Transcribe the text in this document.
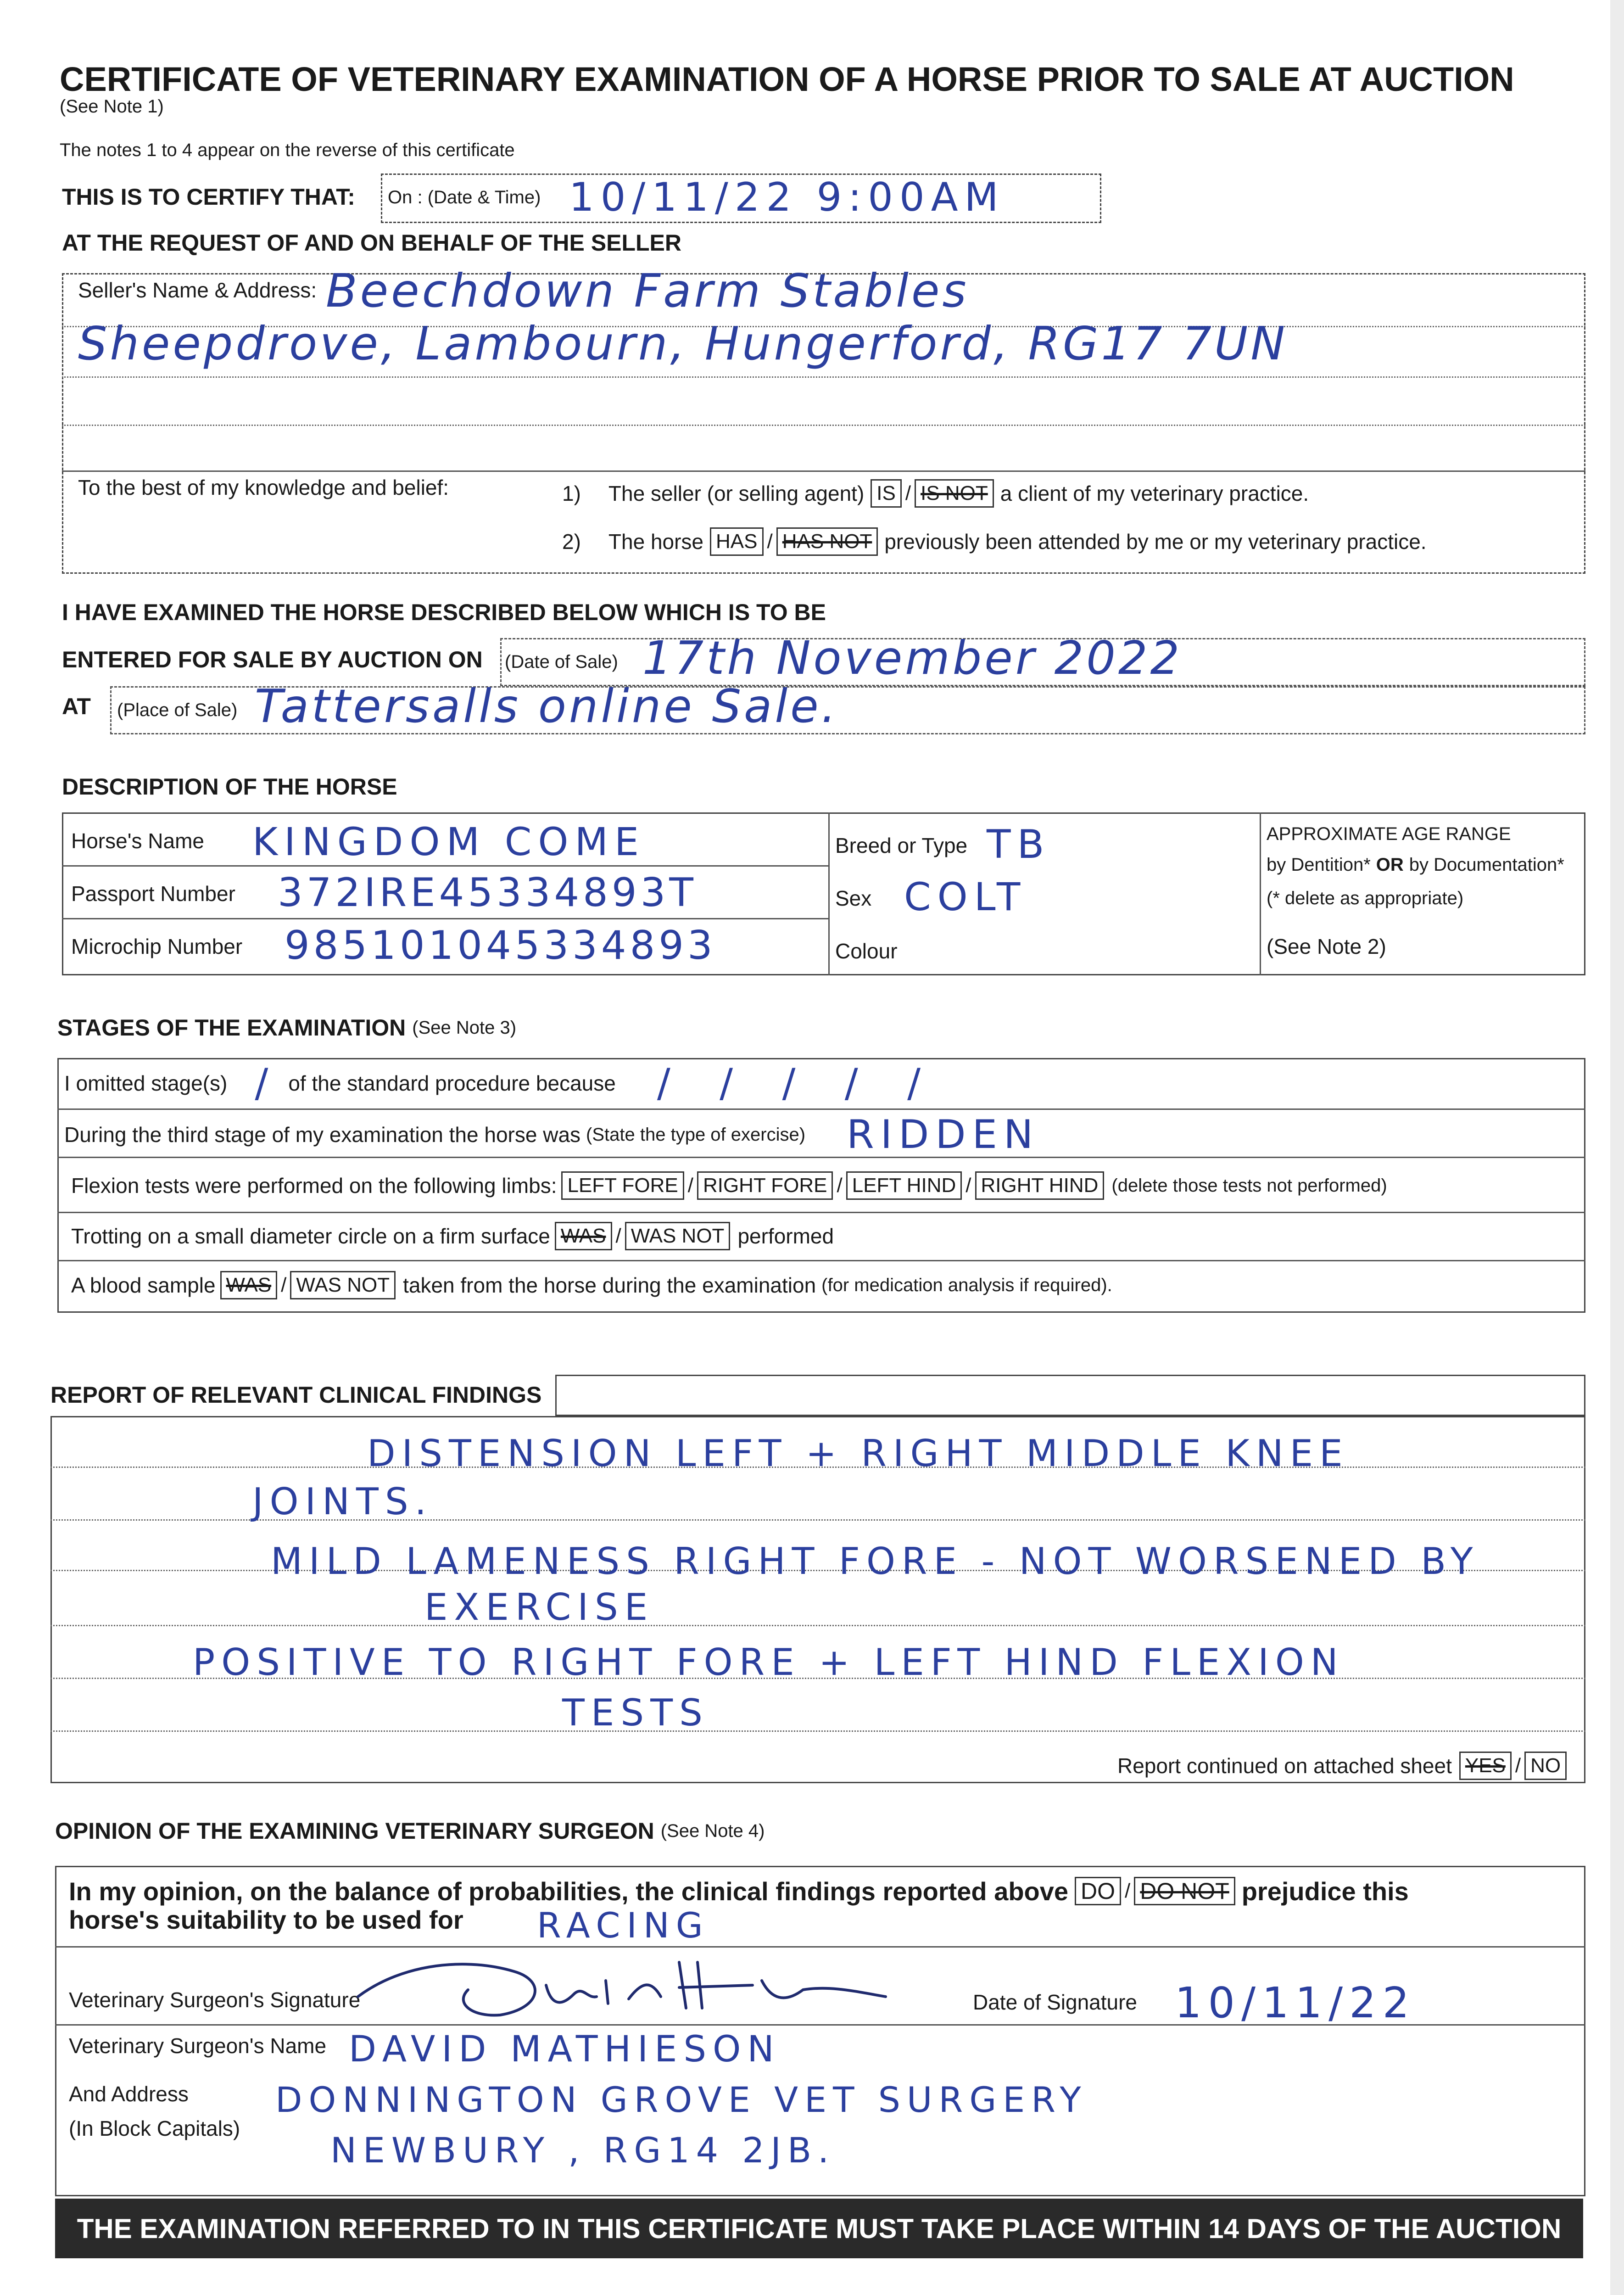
CERTIFICATE OF VETERINARY EXAMINATION OF A HORSE PRIOR TO SALE AT AUCTION
(See Note 1)
The notes 1 to 4 appear on the reverse of this certificate
THIS IS TO CERTIFY THAT: On : (Date & Time) 10/11/22 9:00AM
AT THE REQUEST OF AND ON BEHALF OF THE SELLER
Seller's Name & Address: Beechdown Farm Stables
Sheepdrove, Lambourn, Hungerford, RG17 7UN
To the best of my knowledge and belief:	1) The seller (or selling agent) IS / IS NOT a client of my veterinary practice.
2) The horse HAS / HAS NOT previously been attended by me or my veterinary practice.
I HAVE EXAMINED THE HORSE DESCRIBED BELOW WHICH IS TO BE
ENTERED FOR SALE BY AUCTION ON (Date of Sale) 17th November 2022
AT (Place of Sale) Tattersalls online Sale.
DESCRIPTION OF THE HORSE
Horse's Name KINGDOM COME
Passport Number 372IRE45334893T
Microchip Number 985101045334893
Breed or Type TB
Sex COLT
Colour
APPROXIMATE AGE RANGE
by Dentition* OR by Documentation*
(* delete as appropriate)
(See Note 2)
STAGES OF THE EXAMINATION (See Note 3)
I omitted stage(s) / of the standard procedure because / / / / /
During the third stage of my examination the horse was (State the type of exercise) RIDDEN
Flexion tests were performed on the following limbs: LEFT FORE / RIGHT FORE / LEFT HIND / RIGHT HIND (delete those tests not performed)
Trotting on a small diameter circle on a firm surface WAS / WAS NOT performed
A blood sample WAS / WAS NOT taken from the horse during the examination (for medication analysis if required).
REPORT OF RELEVANT CLINICAL FINDINGS
DISTENSION LEFT + RIGHT MIDDLE KNEE
JOINTS.
MILD LAMENESS RIGHT FORE - NOT WORSENED BY
EXERCISE
POSITIVE TO RIGHT FORE + LEFT HIND FLEXION
TESTS
Report continued on attached sheet YES / NO
OPINION OF THE EXAMINING VETERINARY SURGEON (See Note 4)
In my opinion, on the balance of probabilities, the clinical findings reported above DO / DO NOT prejudice this
horse's suitability to be used for RACING
Veterinary Surgeon's Signature	Date of Signature 10/11/22
Veterinary Surgeon's Name DAVID MATHIESON
And Address
(In Block Capitals)
DONNINGTON GROVE VET SURGERY
NEWBURY , RG14 2JB.
THE EXAMINATION REFERRED TO IN THIS CERTIFICATE MUST TAKE PLACE WITHIN 14 DAYS OF THE AUCTION
